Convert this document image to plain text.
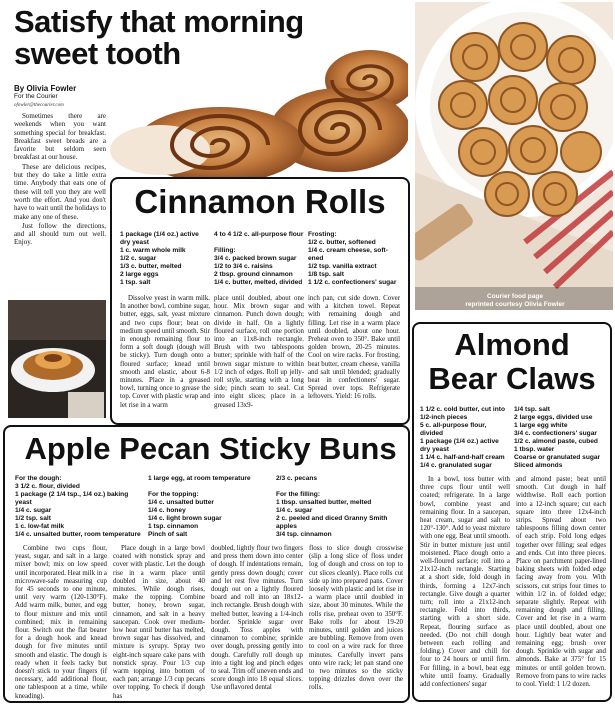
Satisfy that morning
sweet tooth
By Olivia Fowler
For the Courier
ofowler@thecourier.com

Sometimes there are weekends when you want something special for breakfast. Breakfast sweet breads are a favorite but seldom seen breakfast at our house.

These are delicious recipes, but they do take a little extra time. Anybody that eats one of these will tell you they are well worth the effort. And you don't have to wait until the holidays to make any one of these.

Just follow the directions, and all should turn out well. Enjoy.

Courier food page
reprinted courtesy Olivia Fowler
Cinnamon Rolls
1 package (1/4 oz.) active
dry yeast
1 c. warm whole milk
1/2 c. sugar
1/3 c. butter, melted
2 large eggs
1 tsp. salt
4 to 4 1/2 c. all-purpose flour
Filling:
3/4 c. packed brown sugar
1/2 to 3/4 c. raisins
2 tbsp. ground cinnamon
1/4 c. butter, melted, divided
Frosting:
1/2 c. butter, softened
1/4 c. cream cheese, soft-
ened
1/2 tsp. vanilla extract
1/8 tsp. salt
1 1/2 c. confectioners' sugar

Dissolve yeast in warm milk. In another bowl, combine sugar, butter, eggs, salt, yeast mixture and two cups flour; beat on medium speed until smooth. Stir in enough remaining flour to form a soft dough (dough will be sticky). Turn dough onto a floured surface; knead until smooth and elastic, about 6-8 minutes. Place in a greased bowl, turning once to grease the top. Cover with plastic wrap and let rise in a warm

place until doubled, about one hour. Mix brown sugar and cinnamon. Punch down dough; divide in half. On a lightly floured surface, roll one portion into an 11x8-inch rectangle. Brush with two tablespoons butter; sprinkle with half of the brown sugar mixture to within 1/2 inch of edges. Roll up jelly-roll style, starting with a long side; pinch seam to seal. Cut into eight slices; place in a greased 13x9-

inch pan, cut side down. Cover with a kitchen towel. Repeat with remaining dough and filling. Let rise in a warm place until doubled, about one hour. Preheat oven to 350°. Bake until golden brown, 20-25 minutes. Cool on wire racks. For frosting, beat butter, cream cheese, vanilla and salt until blended; gradually beat in confectioners' sugar. Spread over tops. Refrigerate leftovers. Yield: 16 rolls.

Almond
Bear Claws
1 1/2 c. cold butter, cut into
1/2-inch pieces
5 c. all-purpose flour,
divided
1 package (1/4 oz.) active
dry yeast
1 1/4 c. half-and-half cream
1/4 c. granulated sugar
1/4 tsp. salt
2 large eggs, divided use
1 large egg white
3/4 c. confectioners' sugar
1/2 c. almond paste, cubed
1 tbsp. water
Coarse or granulated sugar
Sliced almonds

In a bowl, toss butter with three cups flour until well coated; refrigerate. In a large bowl, combine yeast and remaining flour. In a saucepan, heat cream, sugar and salt to 120°-130°. Add to yeast mixture with one egg. Beat until smooth. Stir in butter mixture just until moistened. Place dough onto a well-floured surface; roll into a 21x12-inch rectangle. Starting at a short side, fold dough in thirds, forming a 12x7-inch rectangle. Give dough a quarter turn; roll into a 21x12-inch rectangle. Fold into thirds, starting with a short side. Repeat, flouring surface as needed. (Do not chill dough between each rolling and folding.) Cover and chill for four to 24 hours or until firm. For filling, in a bowl, beat egg white until foamy. Gradually add confectioners' sugar

and almond paste; beat until smooth. Cut dough in half widthwise. Roll each portion into a 12-inch square; cut each square into three 12x4-inch strips. Spread about two tablespoons filling down center of each strip. Fold long edges together over filling; seal edges and ends. Cut into three pieces. Place on parchment paper-lined baking sheets with folded edge facing away from you. With scissors, cut strips four times to within 1/2 in. of folded edge; separate slightly. Repeat with remaining dough and filling. Cover and let rise in a warm place until doubled, about one hour. Lightly beat water and remaining egg; brush over dough. Sprinkle with sugar and almonds. Bake at 375° for 15 minutes or until golden brown. Remove from pans to wire racks to cool. Yield: 1 1/2 dozen.

Apple Pecan Sticky Buns
For the dough:
3 1/2 c. flour, divided
1 package (2 1/4 tsp., 1/4 oz.) baking
yeast
1/4 c. sugar
1/2 tsp. salt
1 c. low-fat milk
1/4 c. unsalted butter, room temperature
1 large egg, at room temperature
For the topping:
1/4 c. unsalted butter
1/4 c. honey
1/4 c. light brown sugar
1 tsp. cinnamon
Pinch of salt
2/3 c. pecans
For the filling:
1 tbsp. unsalted butter, melted
1/4 c. sugar
2 c. peeled and diced Granny Smith
apples
3/4 tsp. cinnamon

Combine two cups flour, yeast, sugar, and salt in a large mixer bowl; mix on low speed until incorporated. Heat milk in a microwave-safe measuring cup for 45 seconds to one minute, until very warm (120-130°F). Add warm milk, butter, and egg to flour mixture and mix until combined; mix in remaining flour. Switch out the flat beater for a dough hook and knead dough for five minutes until smooth and elastic. The dough is ready when it feels tacky but doesn't stick to your fingers (if necessary, add additional flour, one tablespoon at a time, while kneading).

Place dough in a large bowl coated with nonstick spray and cover with plastic. Let the dough rise in a warm place until doubled in size, about 40 minutes. While dough rises, make the topping. Combine butter, honey, brown sugar, cinnamon, and salt in a heavy saucepan. Cook over medium-low heat until butter has melted, brown sugar has dissolved, and mixture is syrupy. Spray two eight-inch square cake pans with nonstick spray. Pour 1/3 cup warm topping into bottom of each pan; arrange 1/3 cup pecans over topping. To check if dough has

doubled, lightly flour two fingers and press them down into center of dough. If indentations remain, gently press down dough; cover and let rest five minutes. Turn dough out on a lightly floured board and roll into an 18x12-inch rectangle. Brush dough with melted butter, leaving a 1/4-inch border. Sprinkle sugar over dough. Toss apples with cinnamon to combine; sprinkle over dough, pressing gently into dough. Carefully roll dough up into a tight log and pinch edges to seal. Trim off uneven ends and score dough into 18 equal slices. Use unflavored dental

floss to slice dough crosswise (slip a long slice of floss under log of dough and cross on top to cut slices cleanly). Place rolls cut side up into prepared pans. Cover loosely with plastic and let rise in a warm place until doubled in size, about 30 minutes. While the rolls rise, preheat oven to 350°F. Bake rolls for about 19-20 minutes, until golden and juices are bubbling. Remove from oven to cool on a wire rack for three minutes. Carefully invert pans onto wire rack; let pan stand one to two minutes so the sticky topping drizzles down over the rolls.
